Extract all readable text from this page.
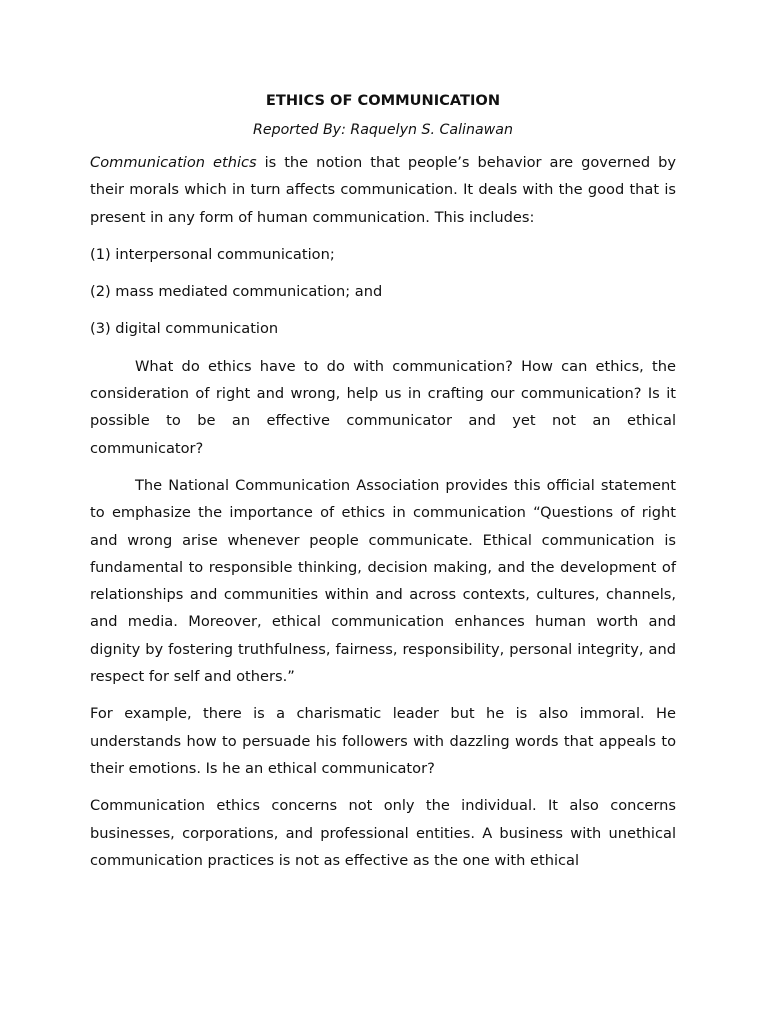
ETHICS OF COMMUNICATION
Reported By: Raquelyn S. Calinawan

Communication ethics is the notion that people’s behavior are governed by their morals which in turn affects communication. It deals with the good that is present in any form of human communication. This includes:

(1) interpersonal communication;

(2) mass mediated communication; and

(3) digital communication

What do ethics have to do with communication? How can ethics, the consideration of right and wrong, help us in crafting our communication? Is it possible to be an effective communicator and yet not an ethical communicator?

The National Communication Association provides this official statement to emphasize the importance of ethics in communication “Questions of right and wrong arise whenever people communicate. Ethical communication is fundamental to responsible thinking, decision making, and the development of relationships and communities within and across contexts, cultures, channels, and media. Moreover, ethical communication enhances human worth and dignity by fostering truthfulness, fairness, responsibility, personal integrity, and respect for self and others.”

For example, there is a charismatic leader but he is also immoral. He understands how to persuade his followers with dazzling words that appeals to their emotions. Is he an ethical communicator?

Communication ethics concerns not only the individual. It also concerns businesses, corporations, and professional entities. A business with unethical communication practices is not as effective as the one with ethical
